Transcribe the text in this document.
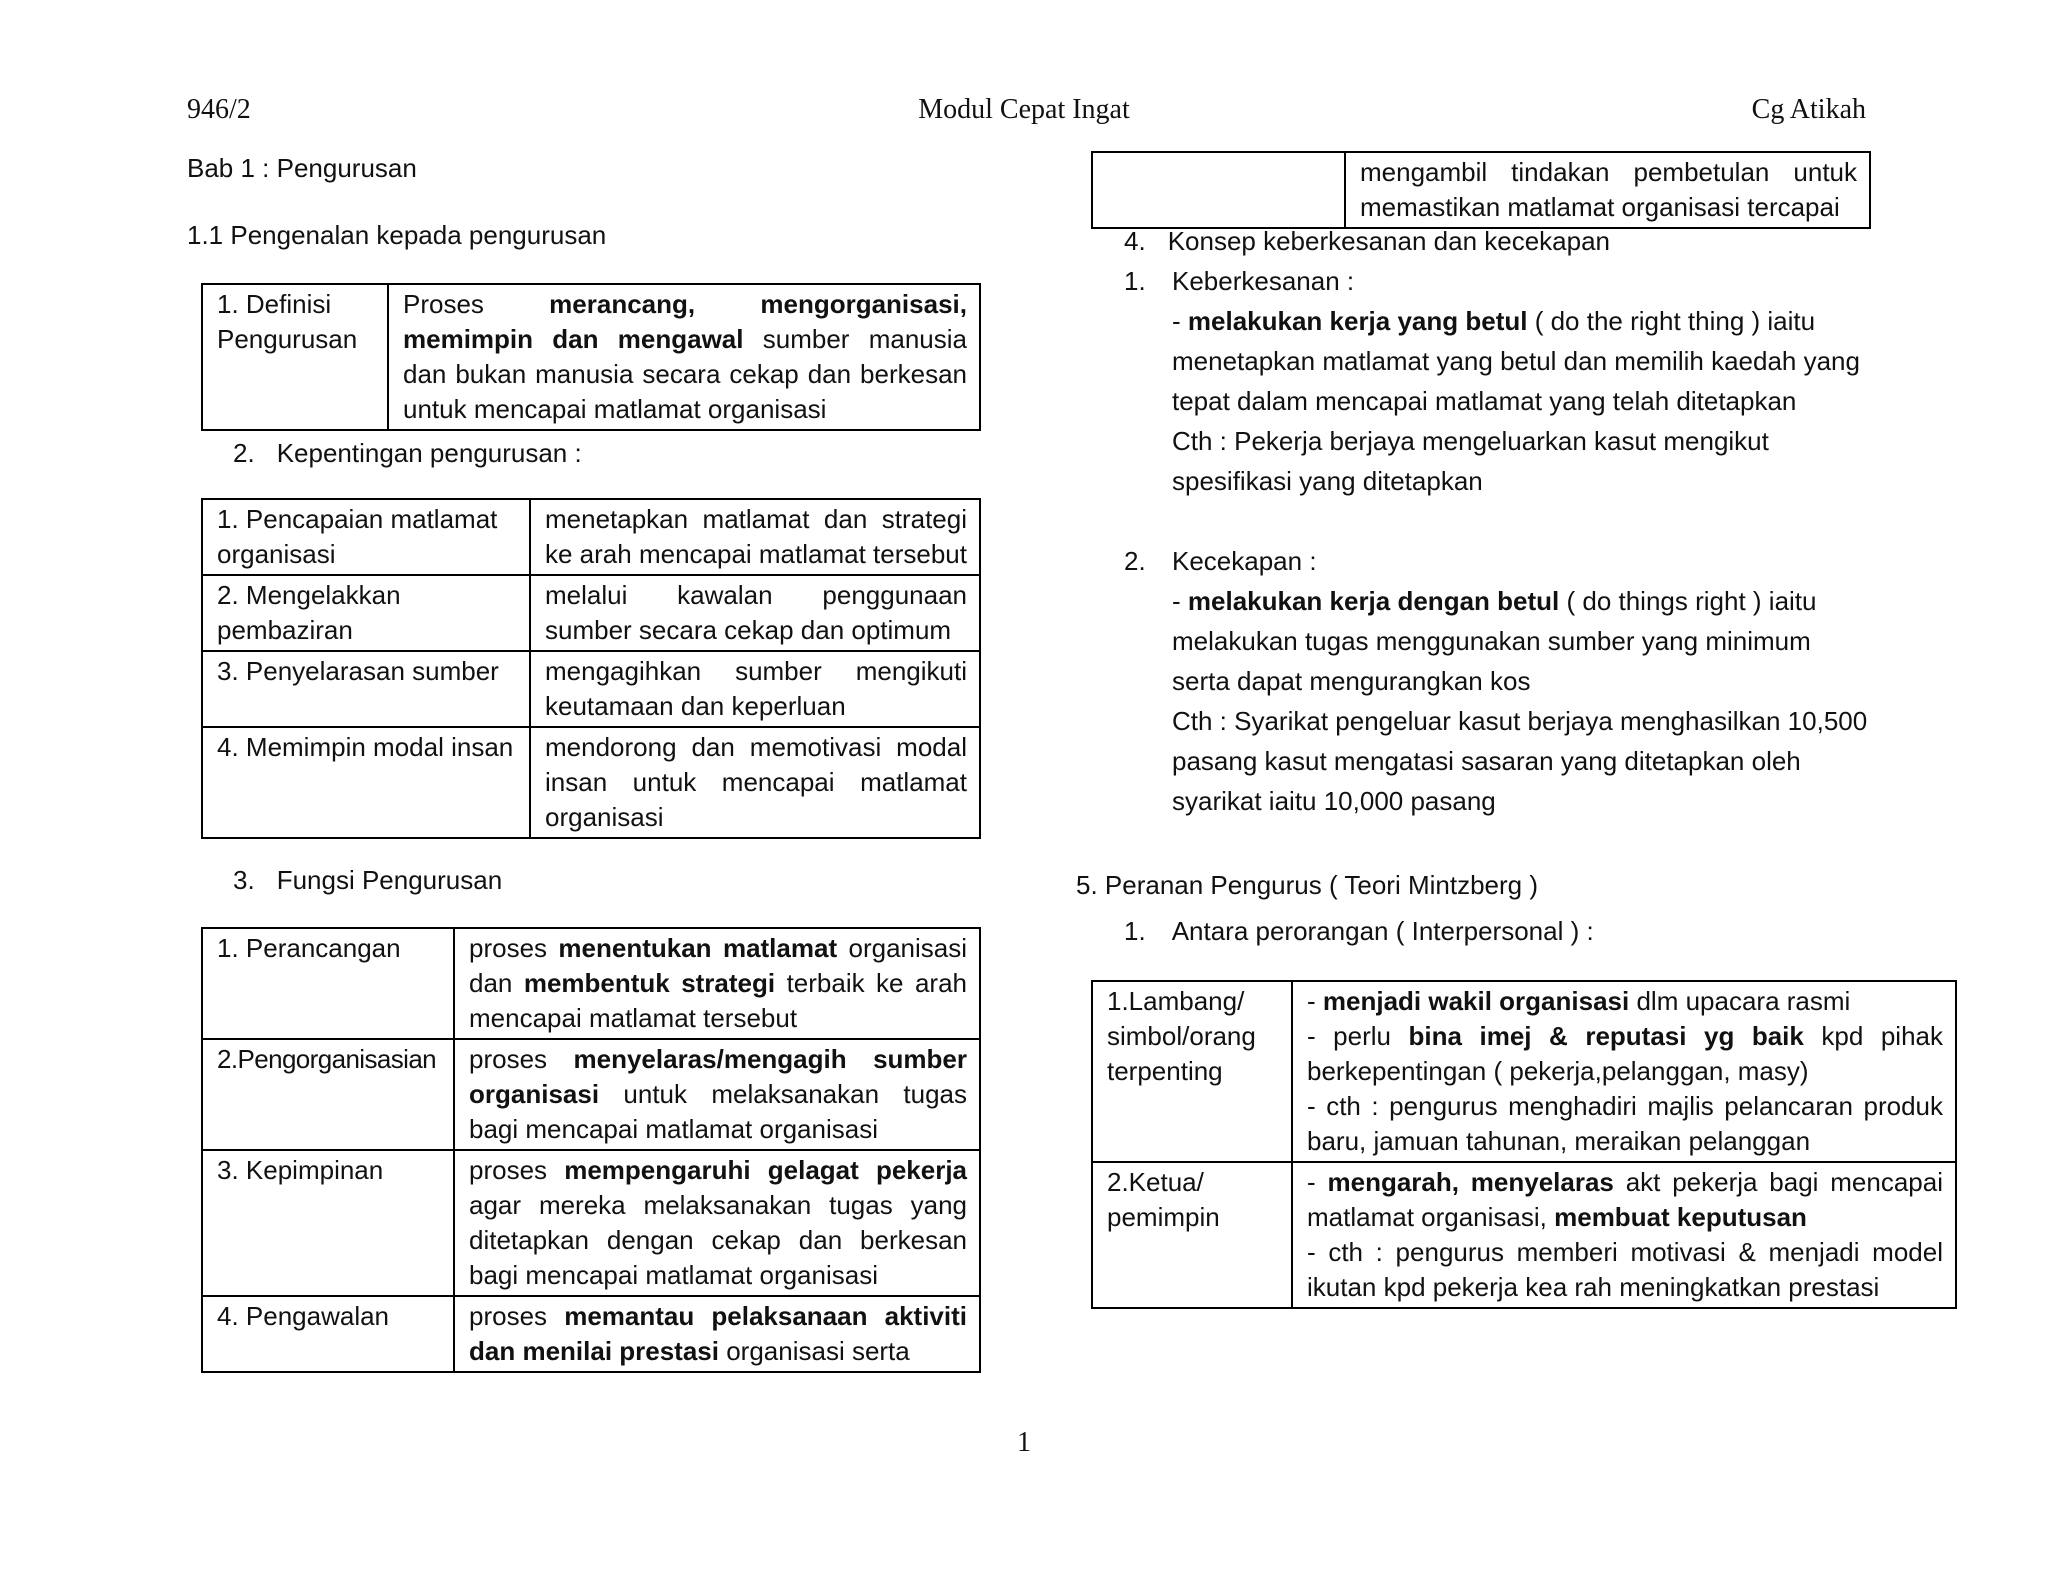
946/2	Modul Cepat Ingat	Cg Atikah
Bab 1 : Pengurusan
1.1 Pengenalan kepada pengurusan
1. Definisi Pengurusan	Proses merancang, mengorganisasi, memimpin dan mengawal sumber manusia dan bukan manusia secara cekap dan berkesan untuk mencapai matlamat organisasi
2. Kepentingan pengurusan :
1. Pencapaian matlamat organisasi	menetapkan matlamat dan strategi ke arah mencapai matlamat tersebut
2. Mengelakkan pembaziran	melalui kawalan penggunaan sumber secara cekap dan optimum
3. Penyelarasan sumber	mengagihkan sumber mengikuti keutamaan dan keperluan
4. Memimpin modal insan	mendorong dan memotivasi modal insan untuk mencapai matlamat organisasi
3. Fungsi Pengurusan
1. Perancangan	proses menentukan matlamat organisasi dan membentuk strategi terbaik ke arah mencapai matlamat tersebut
2.Pengorganisasian	proses menyelaras/mengagih sumber organisasi untuk melaksanakan tugas bagi mencapai matlamat organisasi
3. Kepimpinan	proses mempengaruhi gelagat pekerja agar mereka melaksanakan tugas yang ditetapkan dengan cekap dan berkesan bagi mencapai matlamat organisasi
4. Pengawalan	proses memantau pelaksanaan aktiviti dan menilai prestasi organisasi serta
	mengambil tindakan pembetulan untuk memastikan matlamat organisasi tercapai
4. Konsep keberkesanan dan kecekapan
1. Keberkesanan :
- melakukan kerja yang betul ( do the right thing ) iaitu
menetapkan matlamat yang betul dan memilih kaedah yang
tepat dalam mencapai matlamat yang telah ditetapkan
Cth : Pekerja berjaya mengeluarkan kasut mengikut
spesifikasi yang ditetapkan
2. Kecekapan :
- melakukan kerja dengan betul ( do things right ) iaitu
melakukan tugas menggunakan sumber yang minimum
serta dapat mengurangkan kos
Cth : Syarikat pengeluar kasut berjaya menghasilkan 10,500
pasang kasut mengatasi sasaran yang ditetapkan oleh
syarikat iaitu 10,000 pasang
5. Peranan Pengurus ( Teori Mintzberg )
1. Antara perorangan ( Interpersonal ) :
1.Lambang/ simbol/orang terpenting	- menjadi wakil organisasi dlm upacara rasmi
- perlu bina imej & reputasi yg baik kpd pihak berkepentingan ( pekerja,pelanggan, masy)
- cth : pengurus menghadiri majlis pelancaran produk baru, jamuan tahunan, meraikan pelanggan

2.Ketua/ pemimpin	- mengarah, menyelaras akt pekerja bagi mencapai matlamat organisasi, membuat keputusan
- cth : pengurus memberi motivasi & menjadi model ikutan kpd pekerja kea rah meningkatkan prestasi
1
